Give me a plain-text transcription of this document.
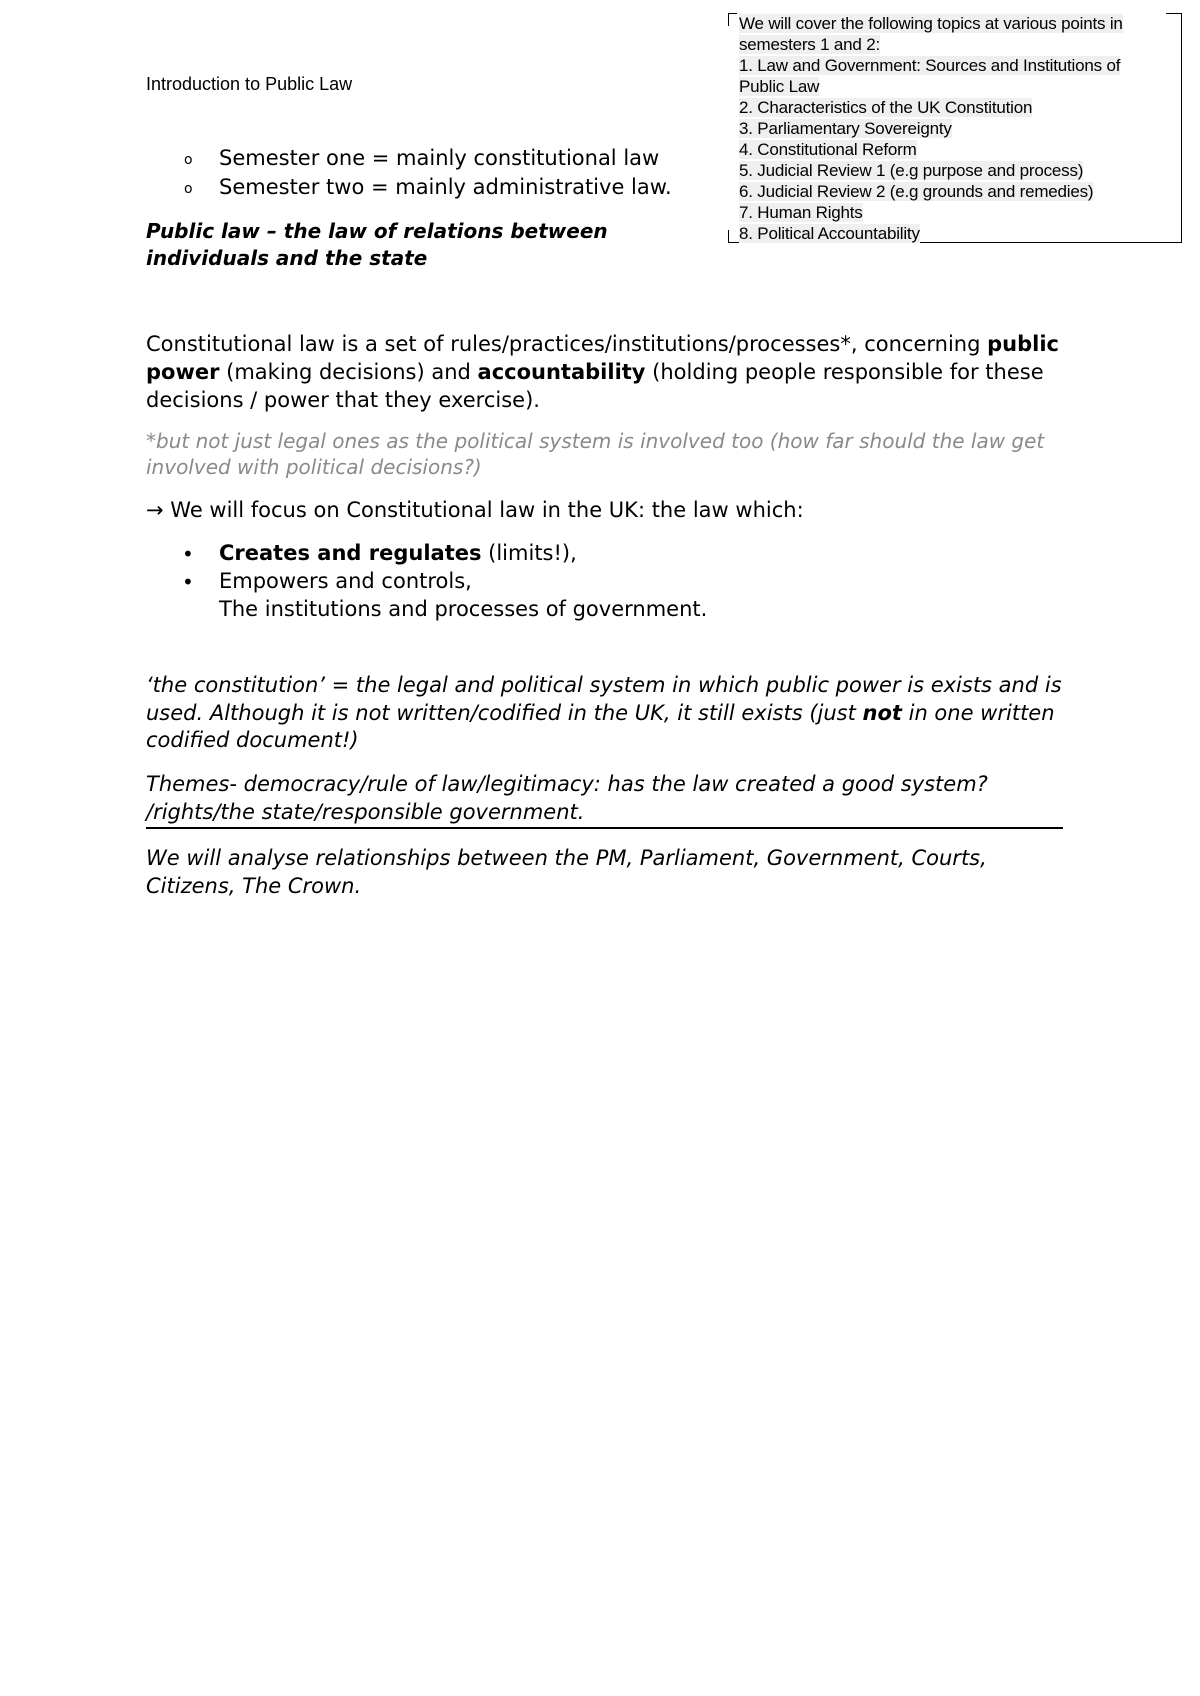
We will cover the following topics at various points in
semesters 1 and 2:
1. Law and Government: Sources and Institutions of
Public Law
2. Characteristics of the UK Constitution
3. Parliamentary Sovereignty
4. Constitutional Reform
5. Judicial Review 1 (e.g purpose and process)
6. Judicial Review 2 (e.g grounds and remedies)
7. Human Rights
8. Political Accountability
Introduction to Public Law
o Semester one = mainly constitutional law
o Semester two = mainly administrative law.
Public law – the law of relations between individuals and the state
Constitutional law is a set of rules/practices/institutions/processes*, concerning public power (making decisions) and accountability (holding people responsible for these decisions / power that they exercise).
*but not just legal ones as the political system is involved too (how far should the law get involved with political decisions?)
→ We will focus on Constitutional law in the UK: the law which:
• Creates and regulates (limits!),
• Empowers and controls,
The institutions and processes of government.
‘the constitution’ = the legal and political system in which public power is exists and is used. Although it is not written/codified in the UK, it still exists (just not in one written codified document!)
Themes- democracy/rule of law/legitimacy: has the law created a good system? /rights/the state/responsible government.
We will analyse relationships between the PM, Parliament, Government, Courts, Citizens, The Crown.
